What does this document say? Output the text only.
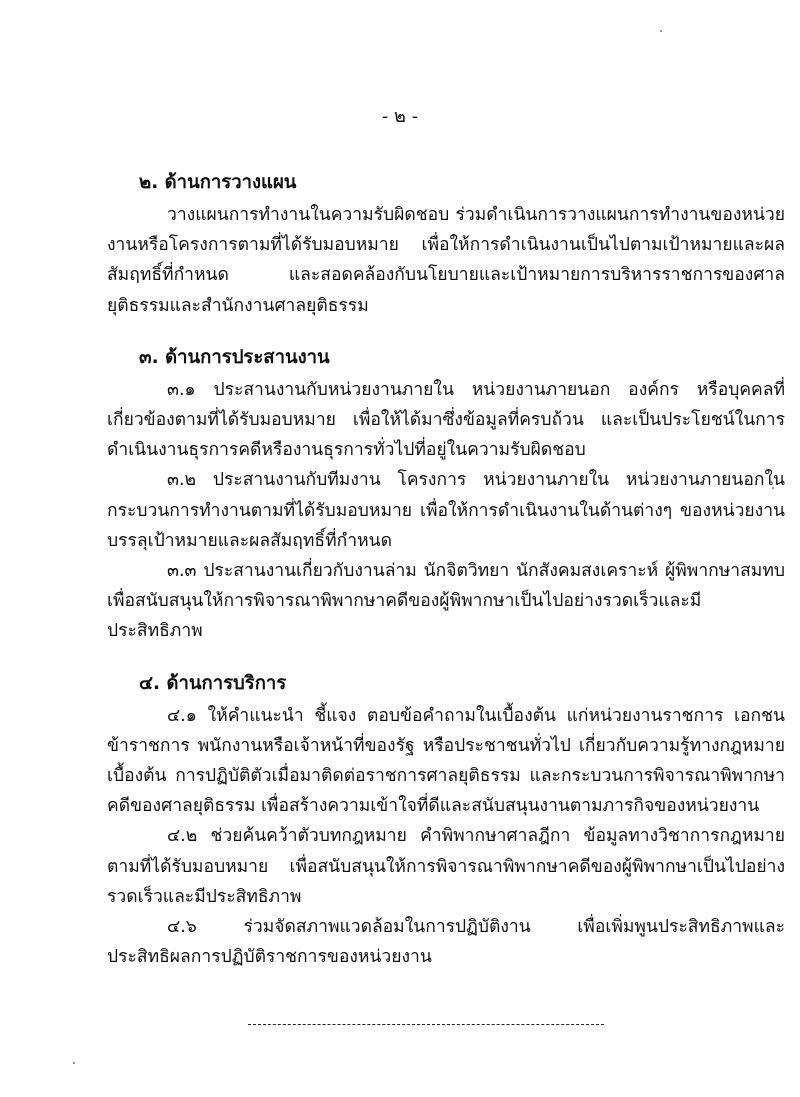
- ๒ -
๒. ด้านการวางแผน

วางแผนการทำงานในความรับผิดชอบ ร่วมดำเนินการวางแผนการทำงานของหน่วยงานหรือโครงการตามที่ได้รับมอบหมาย เพื่อให้การดำเนินงานเป็นไปตามเป้าหมายและผลสัมฤทธิ์ที่กำหนด และสอดคล้องกับนโยบายและเป้าหมายการบริหารราชการของศาลยุติธรรมและสำนักงานศาลยุติธรรม

๓. ด้านการประสานงาน

๓.๑ ประสานงานกับหน่วยงานภายใน หน่วยงานภายนอก องค์กร หรือบุคคลที่เกี่ยวข้องตามที่ได้รับมอบหมาย เพื่อให้ได้มาซึ่งข้อมูลที่ครบถ้วน และเป็นประโยชน์ในการดำเนินงานธุรการคดีหรืองานธุรการทั่วไปที่อยู่ในความรับผิดชอบ

๓.๒ ประสานงานกับทีมงาน โครงการ หน่วยงานภายใน หน่วยงานภายนอกในกระบวนการทำงานตามที่ได้รับมอบหมาย เพื่อให้การดำเนินงานในด้านต่างๆ ของหน่วยงานบรรลุเป้าหมายและผลสัมฤทธิ์ที่กำหนด

๓.๓ ประสานงานเกี่ยวกับงานล่าม นักจิตวิทยา นักสังคมสงเคราะห์ ผู้พิพากษาสมทบ เพื่อสนับสนุนให้การพิจารณาพิพากษาคดีของผู้พิพากษาเป็นไปอย่างรวดเร็วและมีประสิทธิภาพ

๔. ด้านการบริการ

๔.๑ ให้คำแนะนำ ชี้แจง ตอบข้อคำถามในเบื้องต้น แก่หน่วยงานราชการ เอกชน ข้าราชการ พนักงานหรือเจ้าหน้าที่ของรัฐ หรือประชาชนทั่วไป เกี่ยวกับความรู้ทางกฎหมายเบื้องต้น การปฏิบัติตัวเมื่อมาติดต่อราชการศาลยุติธรรม และกระบวนการพิจารณาพิพากษาคดีของศาลยุติธรรม เพื่อสร้างความเข้าใจที่ดีและสนับสนุนงานตามภารกิจของหน่วยงาน

๔.๒ ช่วยค้นคว้าตัวบทกฎหมาย คำพิพากษาศาลฎีกา ข้อมูลทางวิชาการกฎหมาย ตามที่ได้รับมอบหมาย เพื่อสนับสนุนให้การพิจารณาพิพากษาคดีของผู้พิพากษาเป็นไปอย่างรวดเร็วและมีประสิทธิภาพ

๔.๖ ร่วมจัดสภาพแวดล้อมในการปฏิบัติงาน เพื่อเพิ่มพูนประสิทธิภาพและประสิทธิผลการปฏิบัติราชการของหน่วยงาน
